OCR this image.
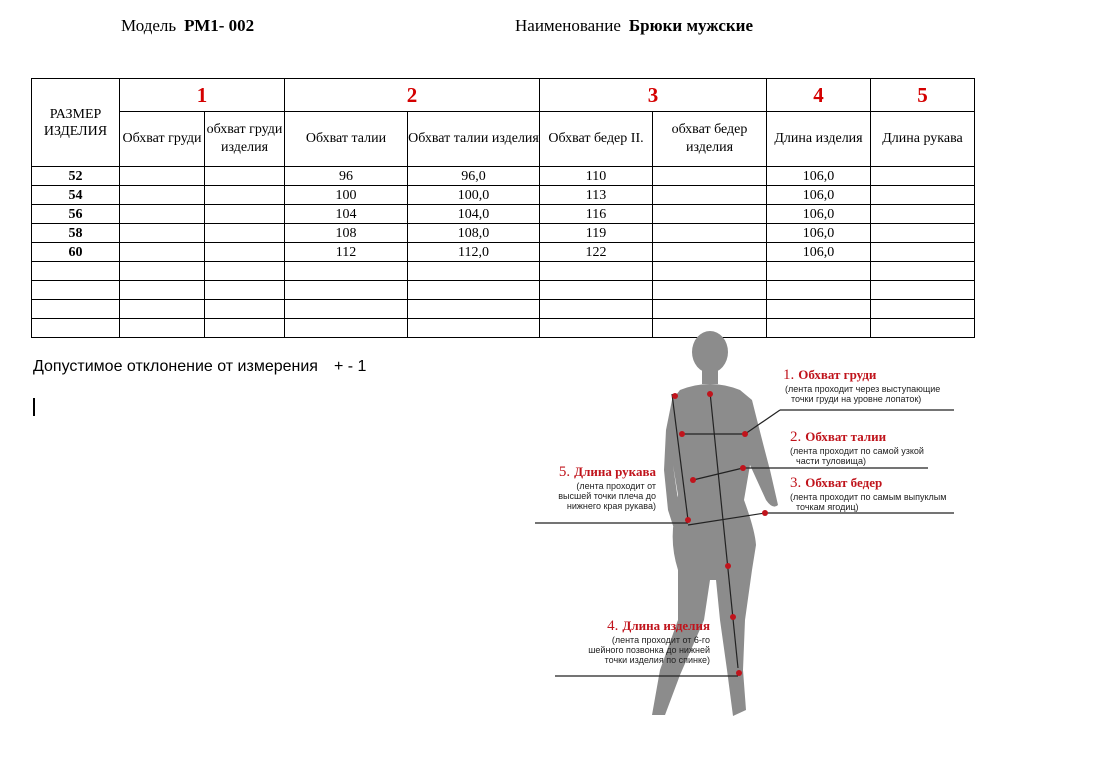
Модель РМ1- 002	Наименование Брюки мужские
РАЗМЕР ИЗДЕЛИЯ	1		2		3		4	5
	Обхват груди	обхват груди изделия	Обхват талии	Обхват талии изделия	Обхват бедер II.	обхват бедер изделия	Длина изделия	Длина рукава
52			96	96,0	110		106,0	
54			100	100,0	113		106,0	
56			104	104,0	116		106,0	
58			108	108,0	119		106,0	
60			112	112,0	122		106,0	

Допустимое отклонение от измерения + - 1	1. Обхват груди
(лента проходит через выступающие
точки груди на уровне лопаток)
2. Обхват талии
(лента проходит по самой узкой
части туловища)
3. Обхват бедер
(лента проходит по самым выпуклым
точкам ягодиц)
5. Длина рукава
(лента проходит от
высшей точки плеча до
нижнего края рукава)
4. Длина изделия
(лента проходит от 6-го
шейного позвонка до нижней
точки изделия по спинке)
